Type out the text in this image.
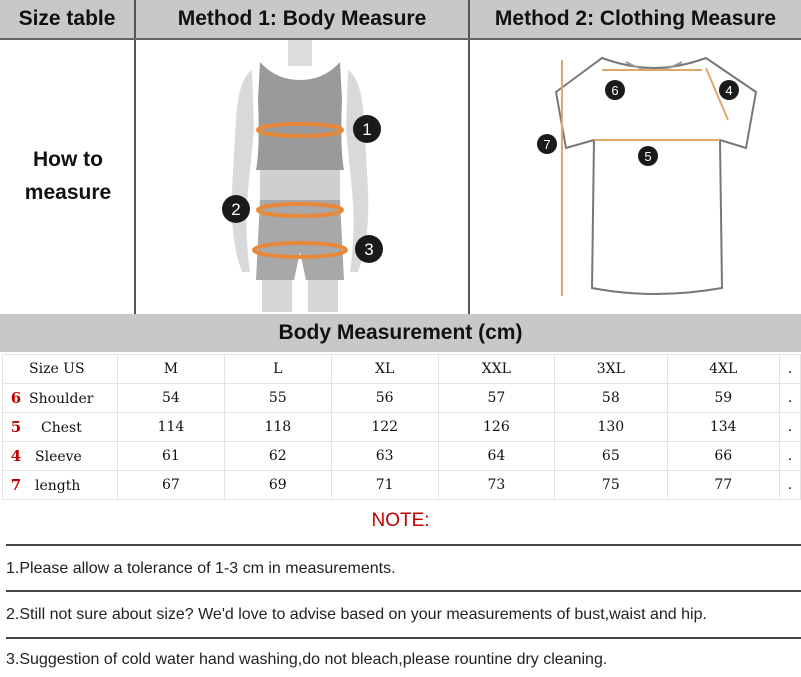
Size table	Method 1: Body Measure	Method 2: Clothing Measure
How to
measure
1
2
3
6	4
7
5
Body Measurement (cm)
Size US	M	L	XL	XXL	3XL	4XL	.
6 Shoulder	54	55	56	57	58	59	.
5 Chest	114	118	122	126	130	134	.
4 Sleeve	61	62	63	64	65	66	.
7 length	67	69	71	73	75	77	.
NOTE:
1.Please allow a tolerance of 1-3 cm in measurements.
2.Still not sure about size? We'd love to advise based on your measurements of bust,waist and hip.
3.Suggestion of cold water hand washing,do not bleach,please rountine dry cleaning.
